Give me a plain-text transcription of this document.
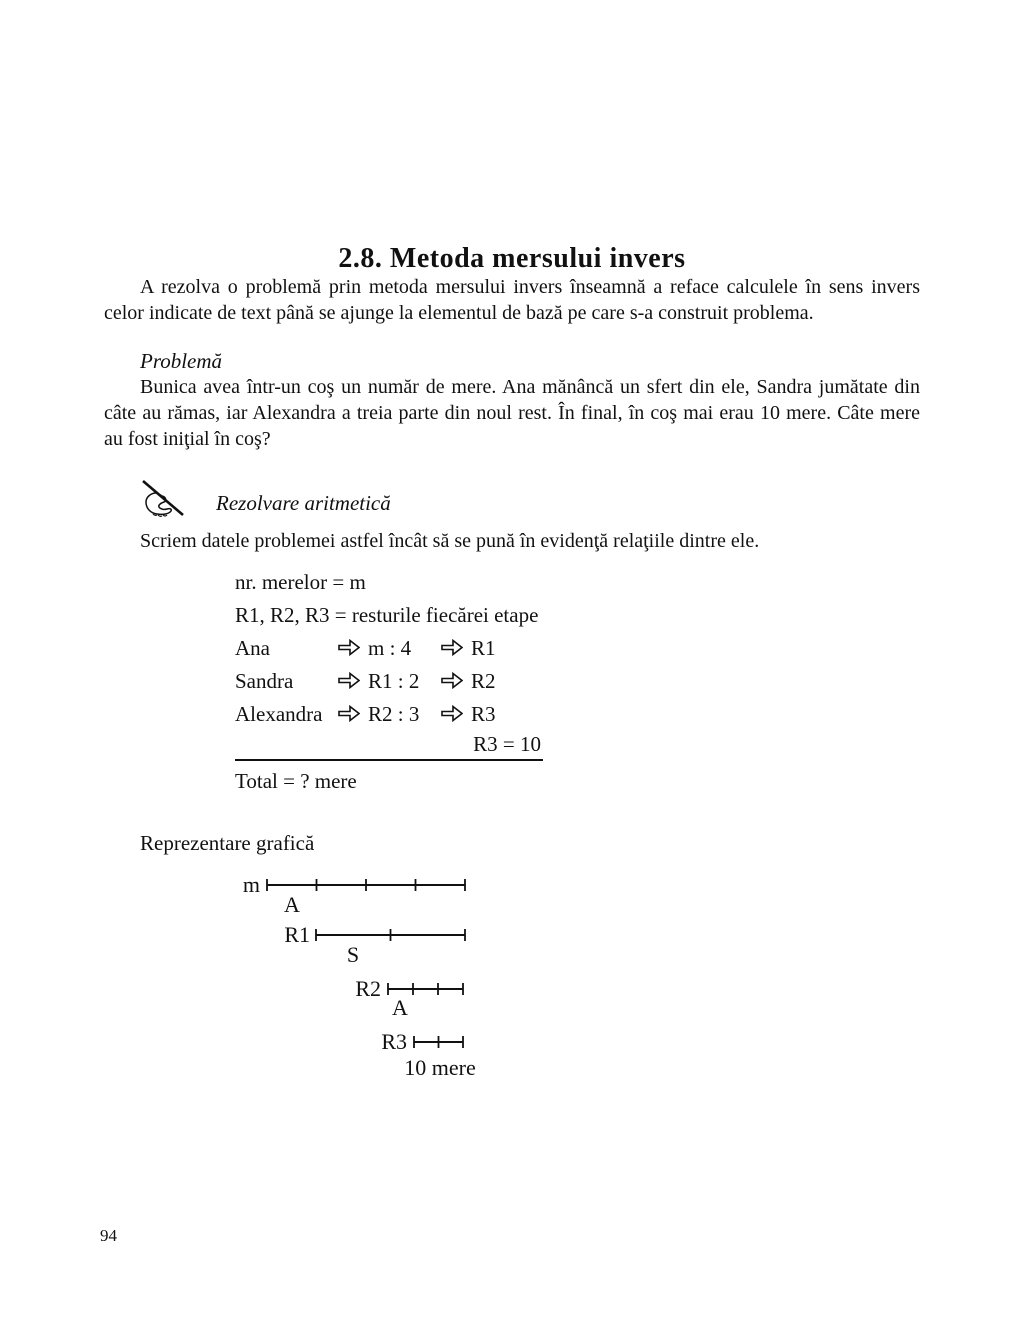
2.8. Metoda mersului invers

A rezolva o problemă prin metoda mersului invers înseamnă a reface calculele în sens invers celor indicate de text până se ajunge la elementul de bază pe care s-a construit problema.

Problemă

Bunica avea într-un coş un număr de mere. Ana mănâncă un sfert din ele, Sandra jumătate din câte au rămas, iar Alexandra a treia parte din noul rest. În final, în coş mai erau 10 mere. Câte mere au fost iniţial în coş?

Rezolvare aritmetică

Scriem datele problemei astfel încât să se pună în evidenţă relaţiile dintre ele.

nr. merelor = m
R1, R2, R3 = resturile fiecărei etape
Ana	m : 4	R1
Sandra	R1 : 2	R2
Alexandra	R2 : 3	R3
R3 = 10
Total = ? mere
Reprezentare grafică
m
A
R1
S
R2
A
R3
10 mere
94
